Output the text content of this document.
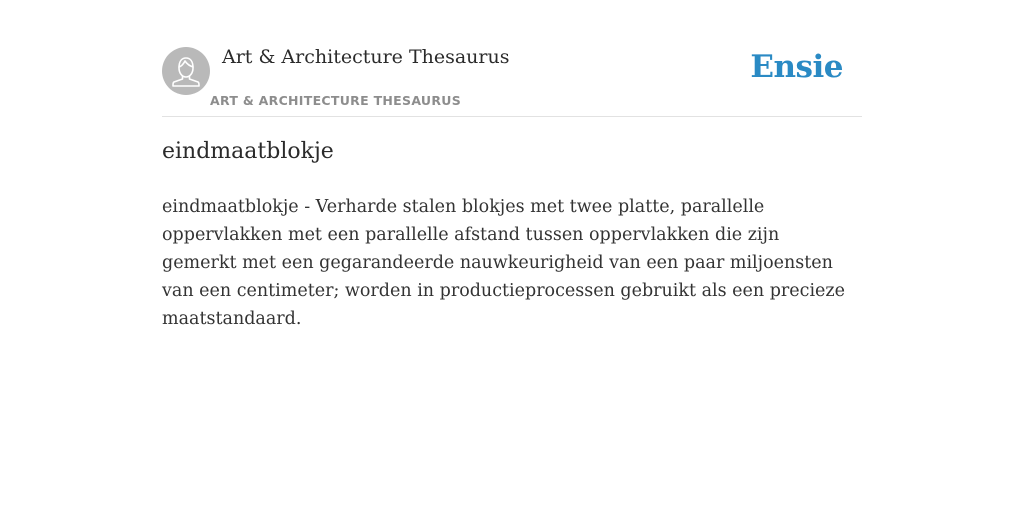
Art & Architecture Thesaurus
ART & ARCHITECTURE THESAURUS
Ensie
eindmaatblokje

eindmaatblokje - Verharde stalen blokjes met twee platte, parallelle oppervlakken met een parallelle afstand tussen oppervlakken die zijn gemerkt met een gegarandeerde nauwkeurigheid van een paar miljoensten van een centimeter; worden in productieprocessen gebruikt als een precieze maatstandaard.
